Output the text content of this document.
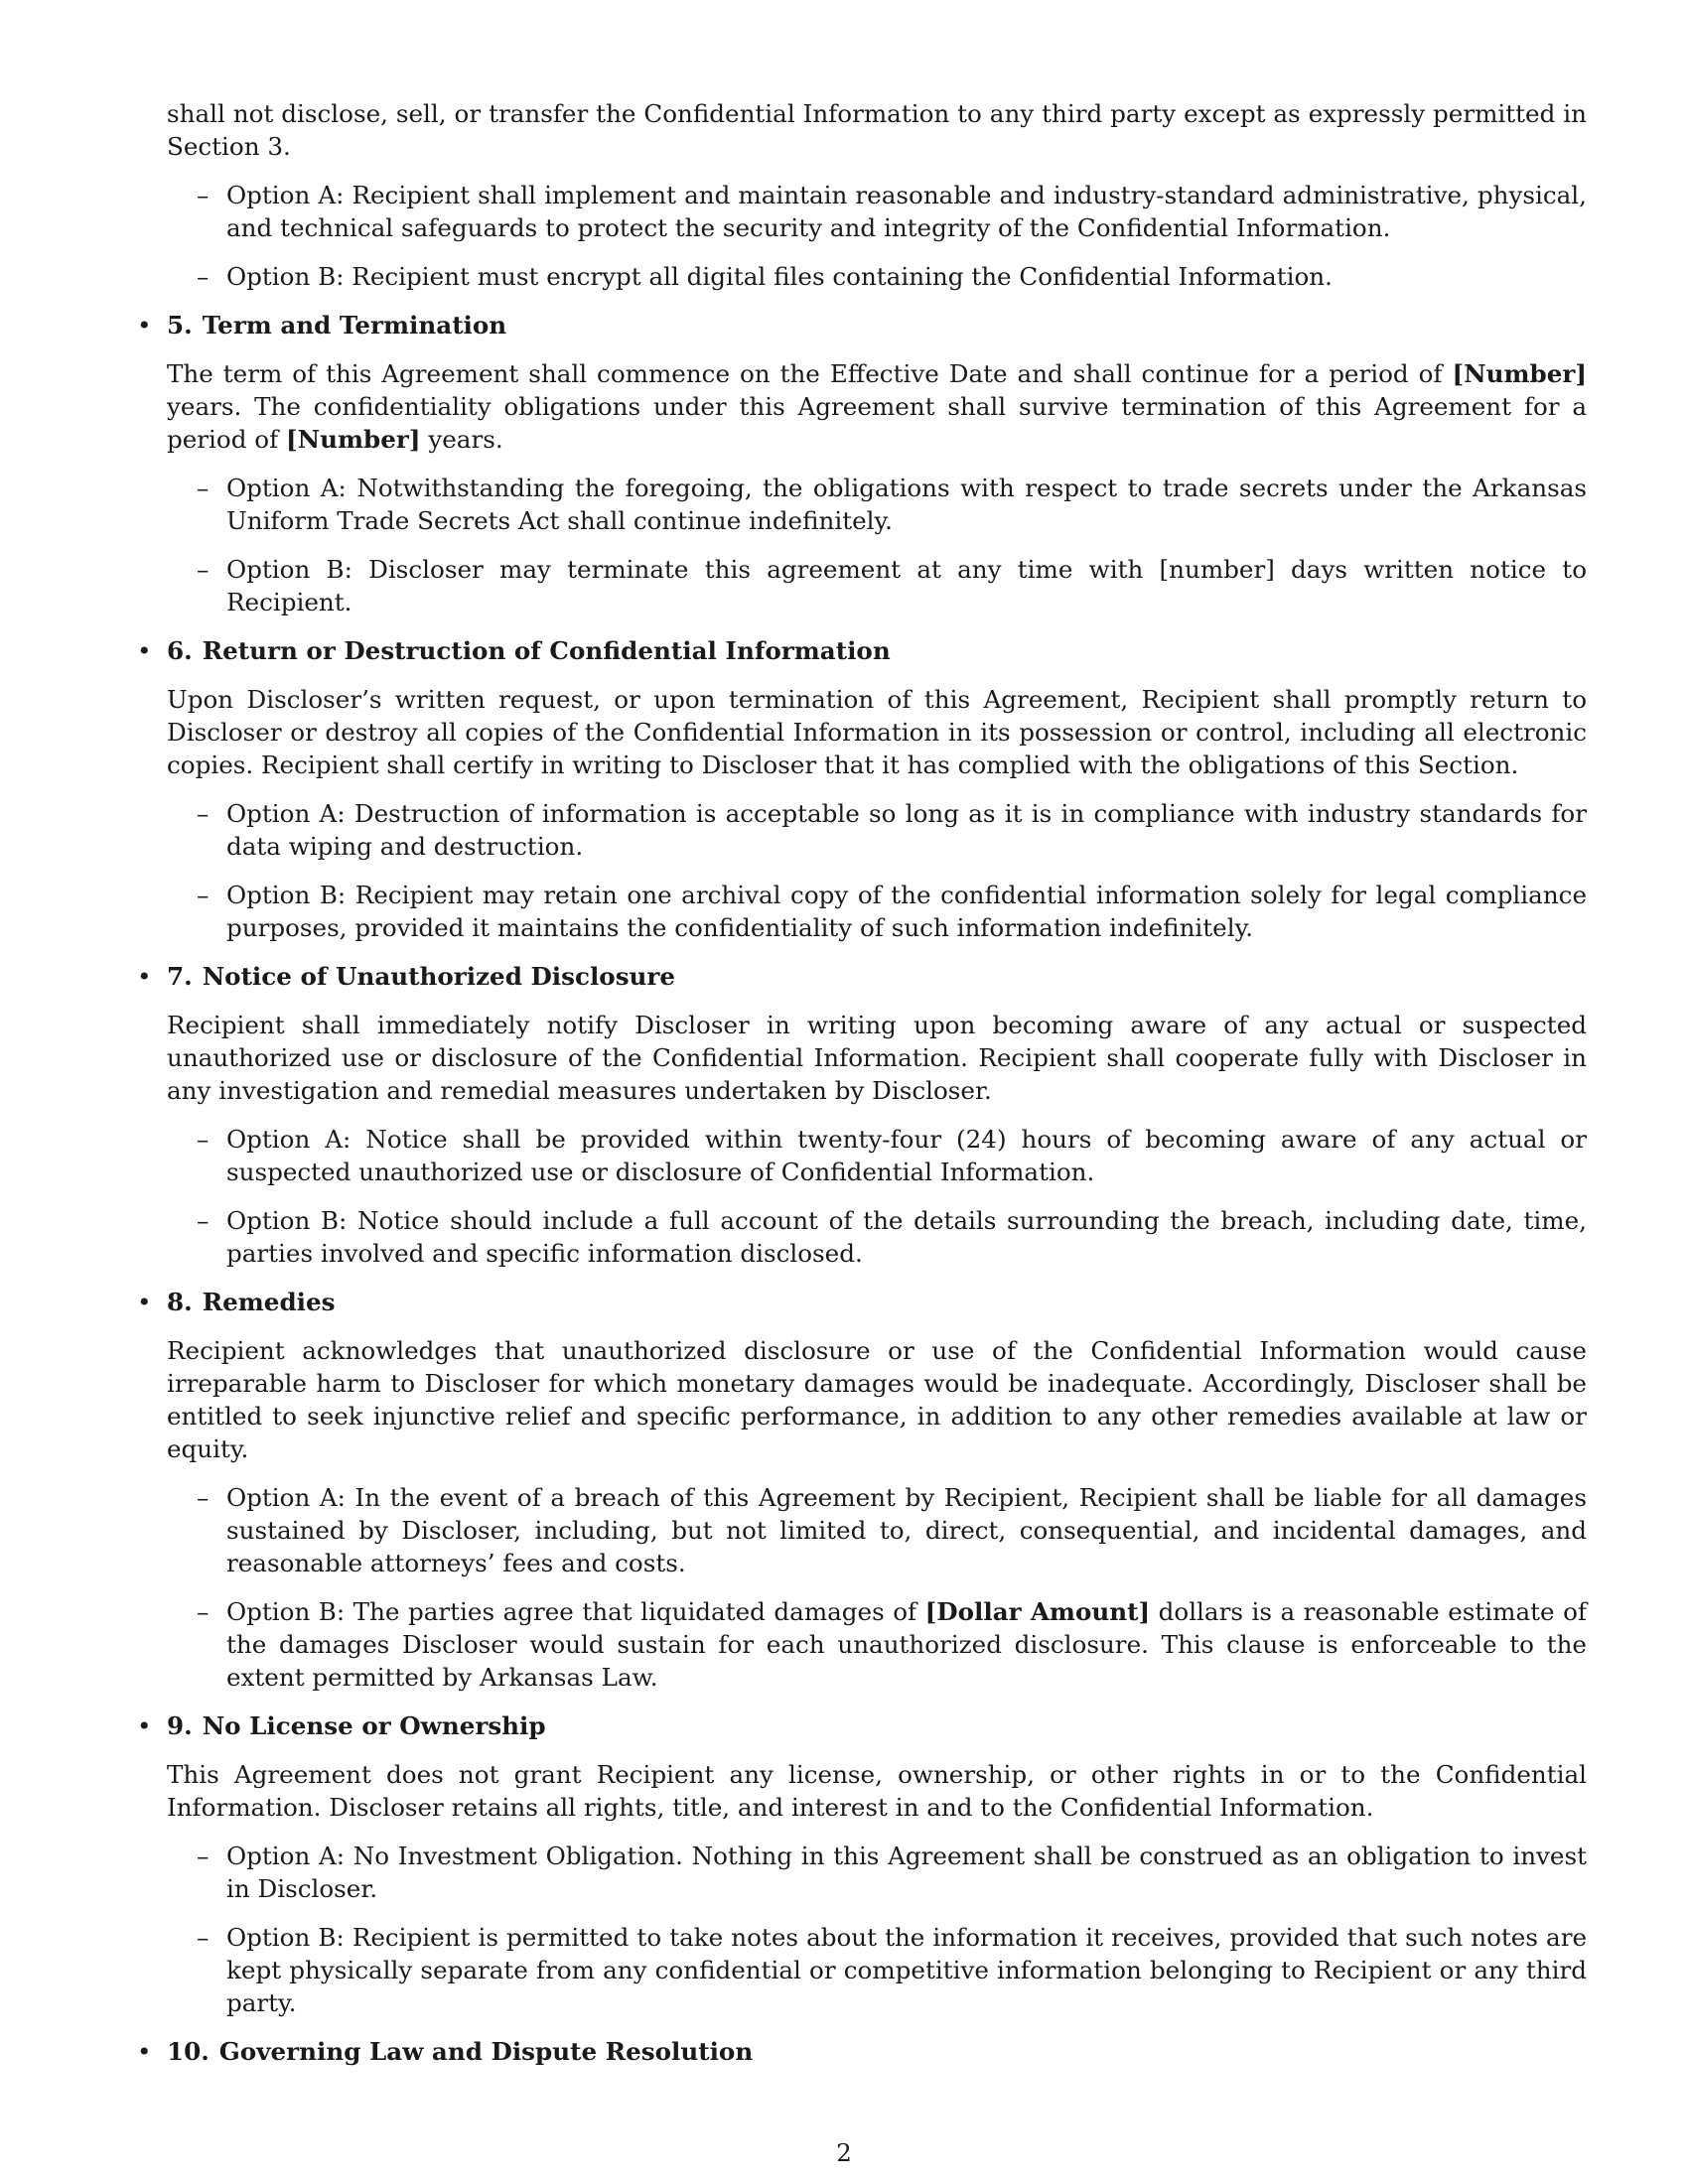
shall not disclose, sell, or transfer the Confidential Information to any third party except as expressly permitted in Section 3.

– Option A: Recipient shall implement and maintain reasonable and industry-standard administrative, physical, and technical safeguards to protect the security and integrity of the Confidential Information.
– Option B: Recipient must encrypt all digital files containing the Confidential Information.
• 5. Term and Termination

The term of this Agreement shall commence on the Effective Date and shall continue for a period of [Number] years. The confidentiality obligations under this Agreement shall survive termination of this Agreement for a period of [Number] years.

– Option A: Notwithstanding the foregoing, the obligations with respect to trade secrets under the Arkansas Uniform Trade Secrets Act shall continue indefinitely.
– Option B: Discloser may terminate this agreement at any time with [number] days written notice to Recipient.
• 6. Return or Destruction of Confidential Information

Upon Discloser’s written request, or upon termination of this Agreement, Recipient shall promptly return to Discloser or destroy all copies of the Confidential Information in its possession or control, including all electronic copies. Recipient shall certify in writing to Discloser that it has complied with the obligations of this Section.

– Option A: Destruction of information is acceptable so long as it is in compliance with industry standards for data wiping and destruction.
– Option B: Recipient may retain one archival copy of the confidential information solely for legal compliance purposes, provided it maintains the confidentiality of such information indefinitely.
• 7. Notice of Unauthorized Disclosure

Recipient shall immediately notify Discloser in writing upon becoming aware of any actual or suspected unauthorized use or disclosure of the Confidential Information. Recipient shall cooperate fully with Discloser in any investigation and remedial measures undertaken by Discloser.

– Option A: Notice shall be provided within twenty-four (24) hours of becoming aware of any actual or suspected unauthorized use or disclosure of Confidential Information.
– Option B: Notice should include a full account of the details surrounding the breach, including date, time, parties involved and specific information disclosed.
• 8. Remedies

Recipient acknowledges that unauthorized disclosure or use of the Confidential Information would cause irreparable harm to Discloser for which monetary damages would be inadequate. Accordingly, Discloser shall be entitled to seek injunctive relief and specific performance, in addition to any other remedies available at law or equity.

– Option A: In the event of a breach of this Agreement by Recipient, Recipient shall be liable for all damages sustained by Discloser, including, but not limited to, direct, consequential, and incidental damages, and reasonable attorneys’ fees and costs.
– Option B: The parties agree that liquidated damages of [Dollar Amount] dollars is a reasonable estimate of the damages Discloser would sustain for each unauthorized disclosure. This clause is enforceable to the extent permitted by Arkansas Law.
• 9. No License or Ownership

This Agreement does not grant Recipient any license, ownership, or other rights in or to the Confidential Information. Discloser retains all rights, title, and interest in and to the Confidential Information.

– Option A: No Investment Obligation. Nothing in this Agreement shall be construed as an obligation to invest in Discloser.
– Option B: Recipient is permitted to take notes about the information it receives, provided that such notes are kept physically separate from any confidential or competitive information belonging to Recipient or any third party.
• 10. Governing Law and Dispute Resolution
2
